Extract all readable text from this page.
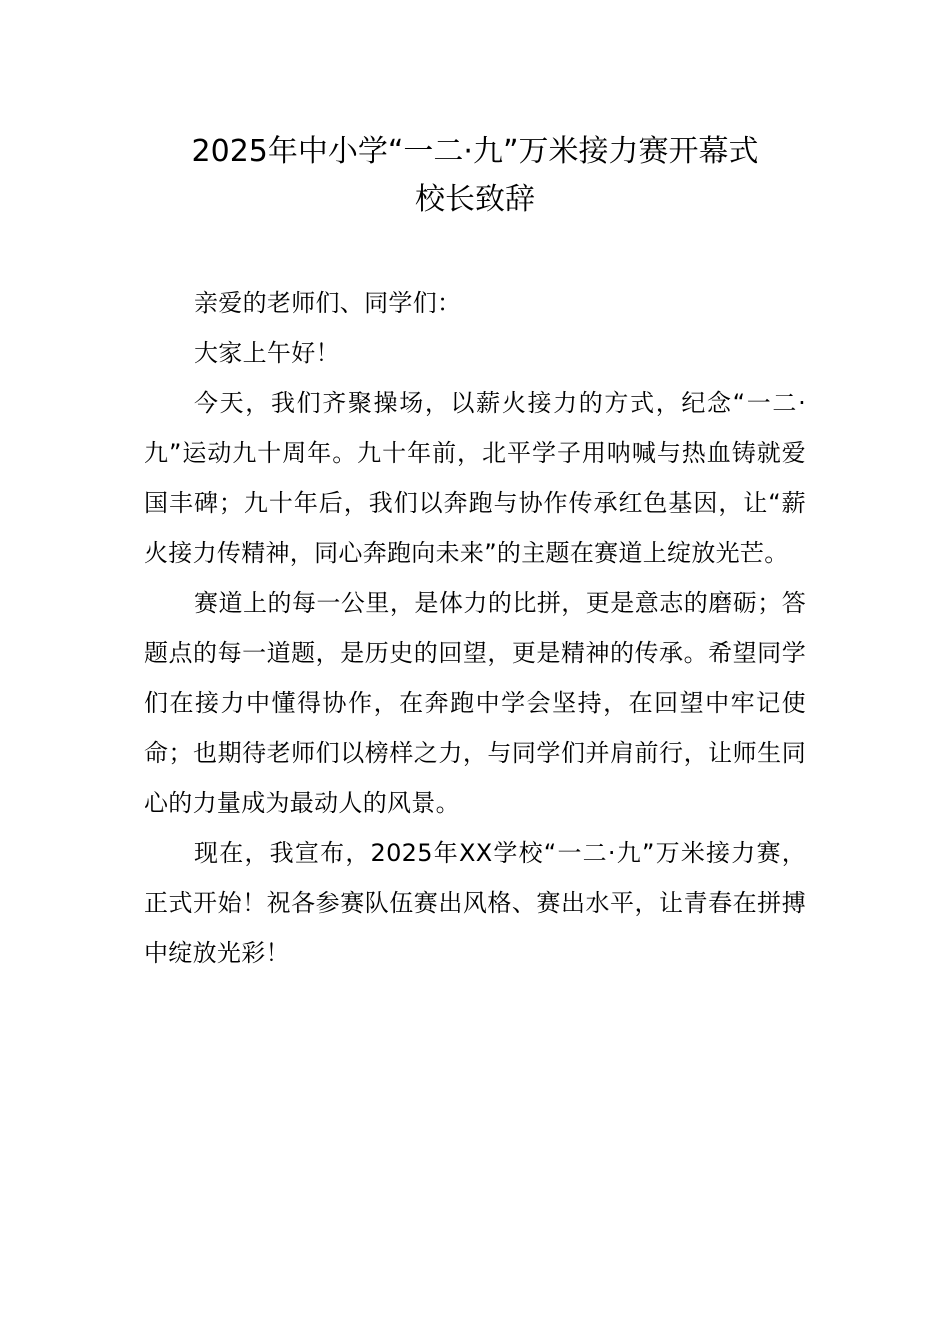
2025年中小学“一二·九”万米接力赛开幕式
校长致辞

亲爱的老师们、同学们：

大家上午好！

今天，我们齐聚操场，以薪火接力的方式，纪念“一二·九”运动九十周年。九十年前，北平学子用呐喊与热血铸就爱国丰碑；九十年后，我们以奔跑与协作传承红色基因，让“薪火接力传精神，同心奔跑向未来”的主题在赛道上绽放光芒。

赛道上的每一公里，是体力的比拼，更是意志的磨砺；答题点的每一道题，是历史的回望，更是精神的传承。希望同学们在接力中懂得协作，在奔跑中学会坚持，在回望中牢记使命；也期待老师们以榜样之力，与同学们并肩前行，让师生同心的力量成为最动人的风景。

现在，我宣布，2025年XX学校“一二·九”万米接力赛，正式开始！祝各参赛队伍赛出风格、赛出水平，让青春在拼搏中绽放光彩！
